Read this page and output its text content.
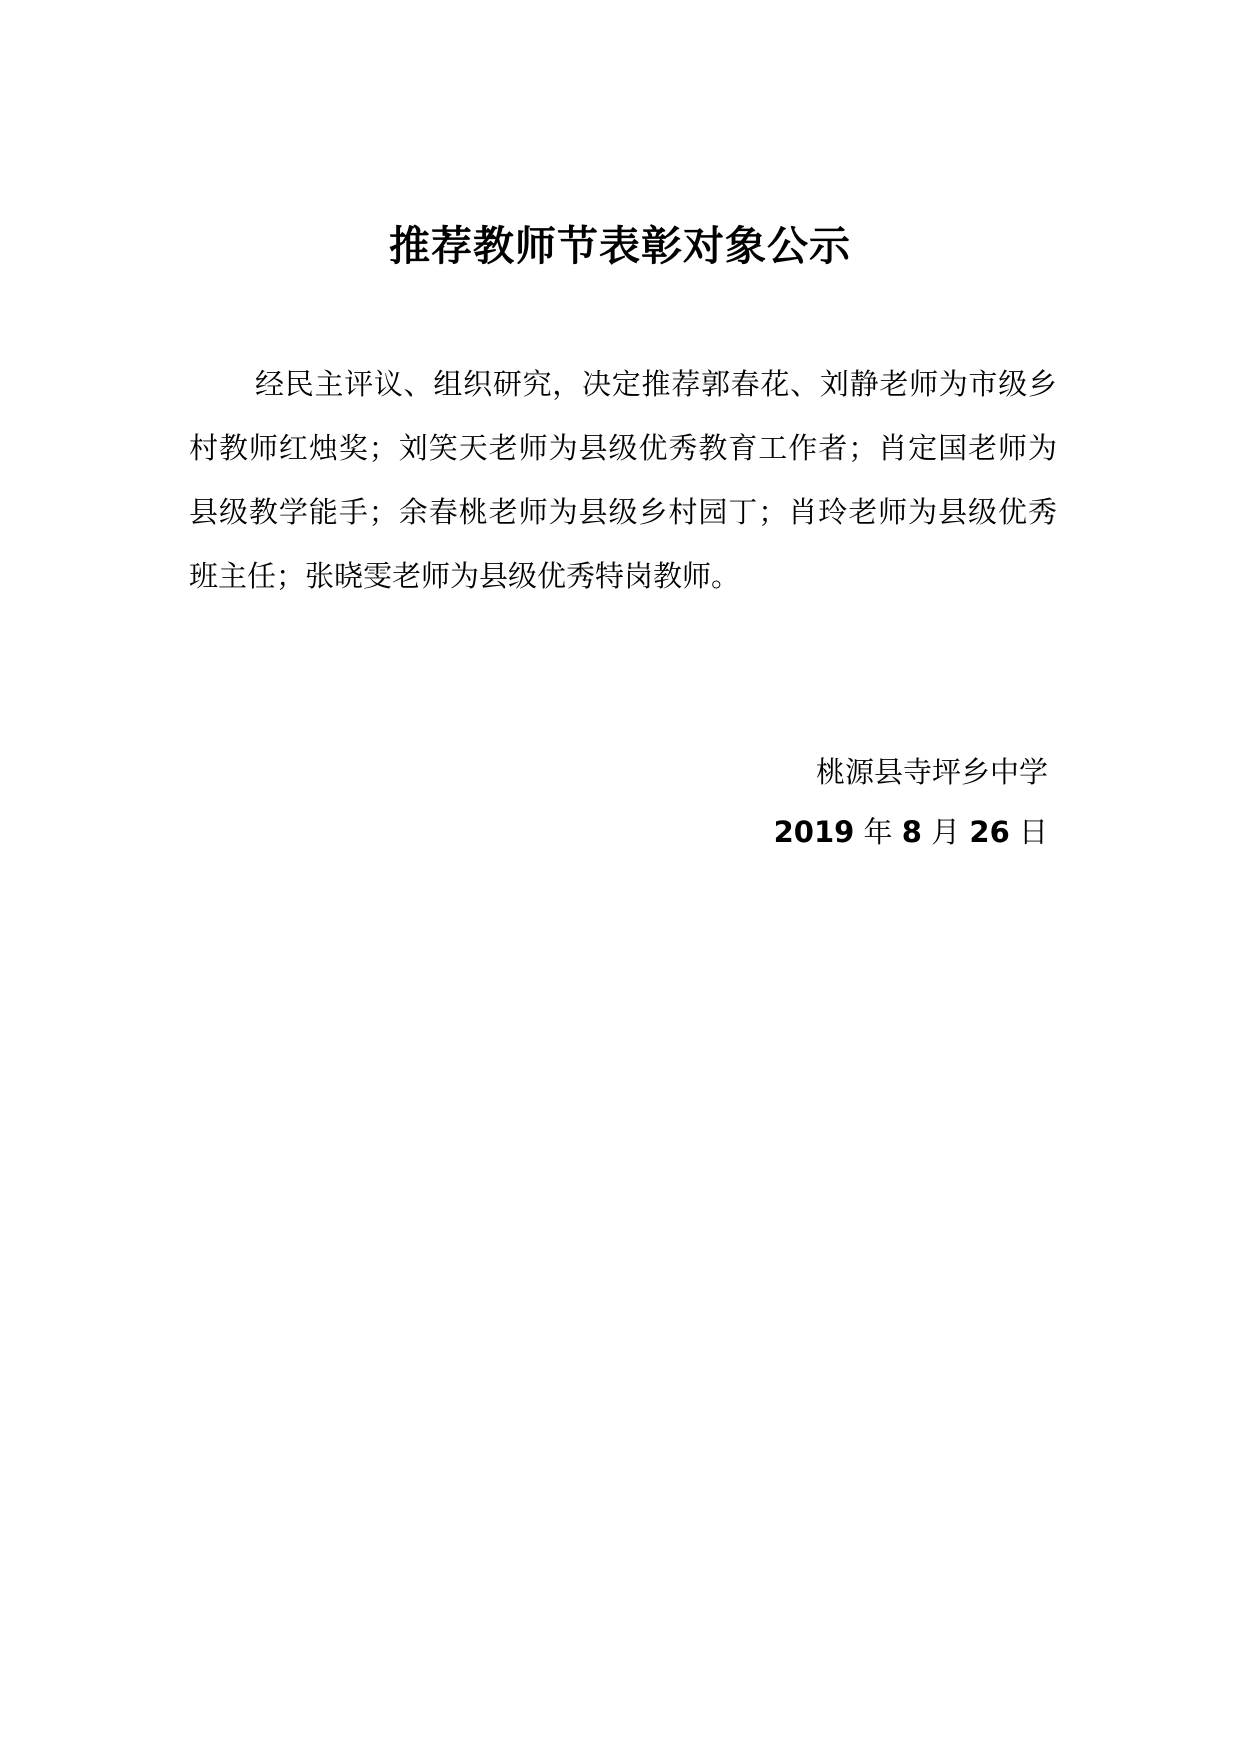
推荐教师节表彰对象公示

经民主评议、组织研究，决定推荐郭春花、刘静老师为市级乡村教师红烛奖；刘笑天老师为县级优秀教育工作者；肖定国老师为县级教学能手；余春桃老师为县级乡村园丁；肖玲老师为县级优秀班主任；张晓雯老师为县级优秀特岗教师。

桃源县寺坪乡中学

2019 年 8 月 26 日
